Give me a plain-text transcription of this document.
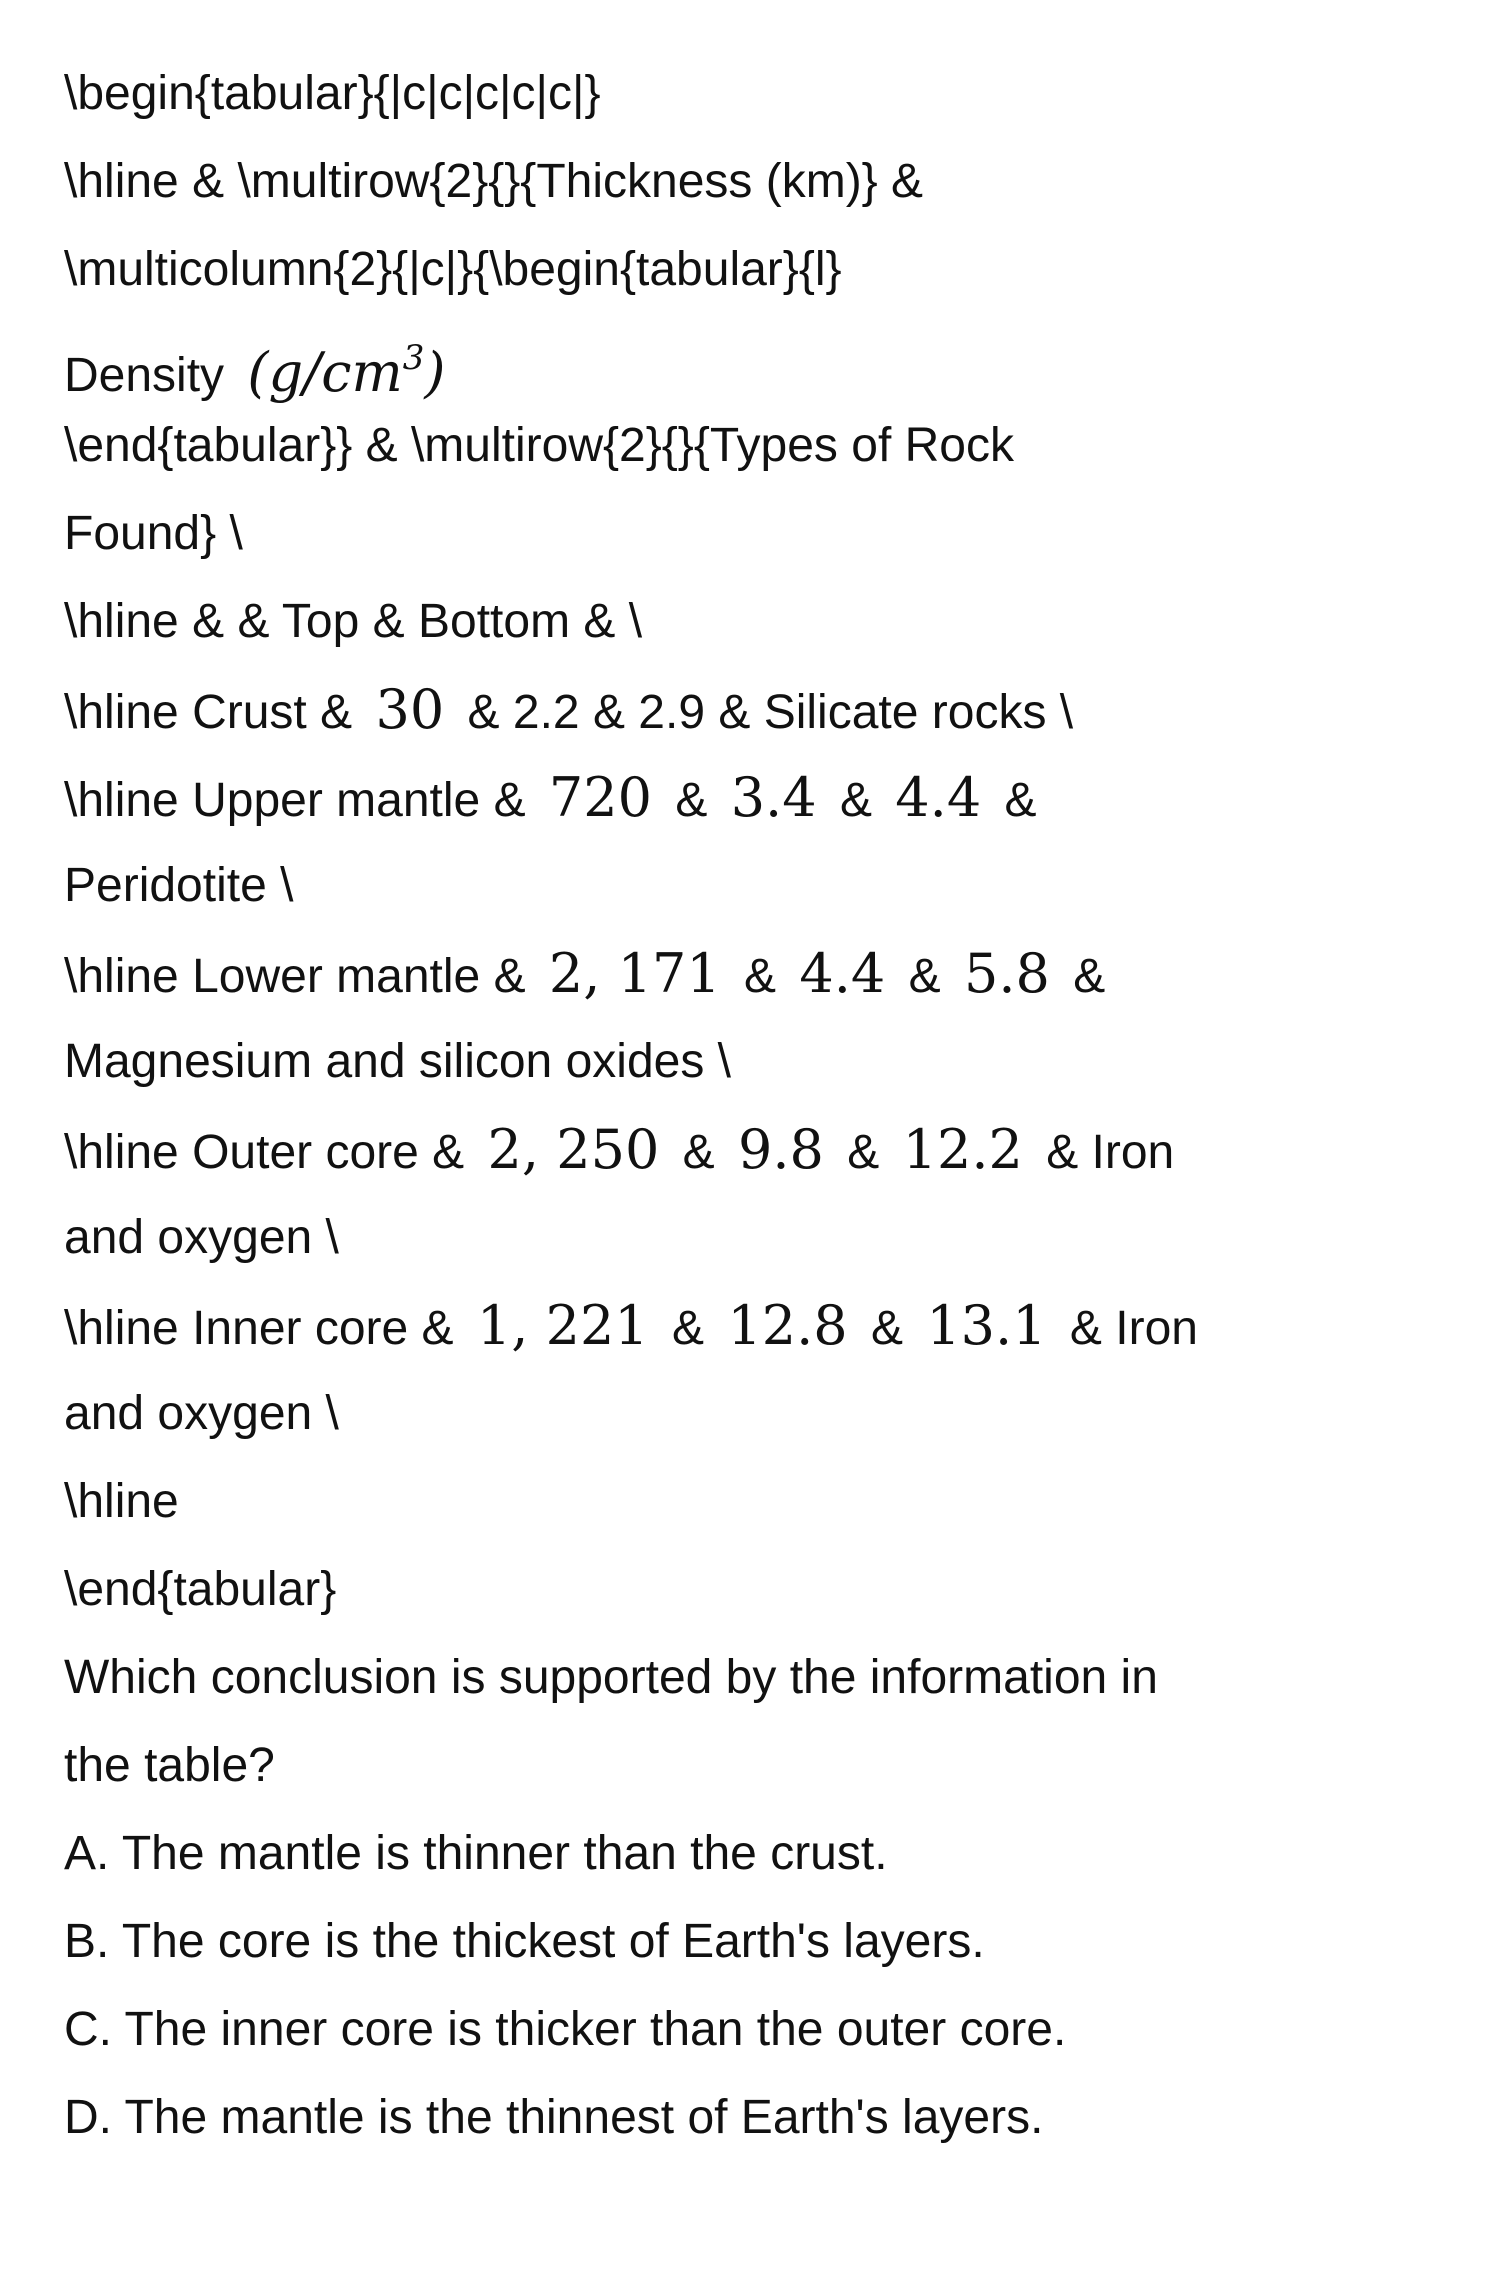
\begin{tabular}{|c|c|c|c|c|}
\hline & \multirow{2}{}{Thickness (km)} &
\multicolumn{2}{|c|}{\begin{tabular}{l}
Density $(g/cm^3)$
\end{tabular}} & \multirow{2}{}{Types of Rock
Found} \
\hline & & Top & Bottom & \
\hline Crust & 30 & 2.2 & 2.9 & Silicate rocks \
\hline Upper mantle & 720 & 3.4 & 4.4 &
Peridotite \
\hline Lower mantle & 2, 171 & 4.4 & 5.8 &
Magnesium and silicon oxides \
\hline Outer core & 2, 250 & 9.8 & 12.2 & Iron
and oxygen \
\hline Inner core & 1, 221 & 12.8 & 13.1 & Iron
and oxygen \
\hline
\end{tabular}
Which conclusion is supported by the information in
the table?
A. The mantle is thinner than the crust.
B. The core is the thickest of Earth's layers.
C. The inner core is thicker than the outer core.
D. The mantle is the thinnest of Earth's layers.
